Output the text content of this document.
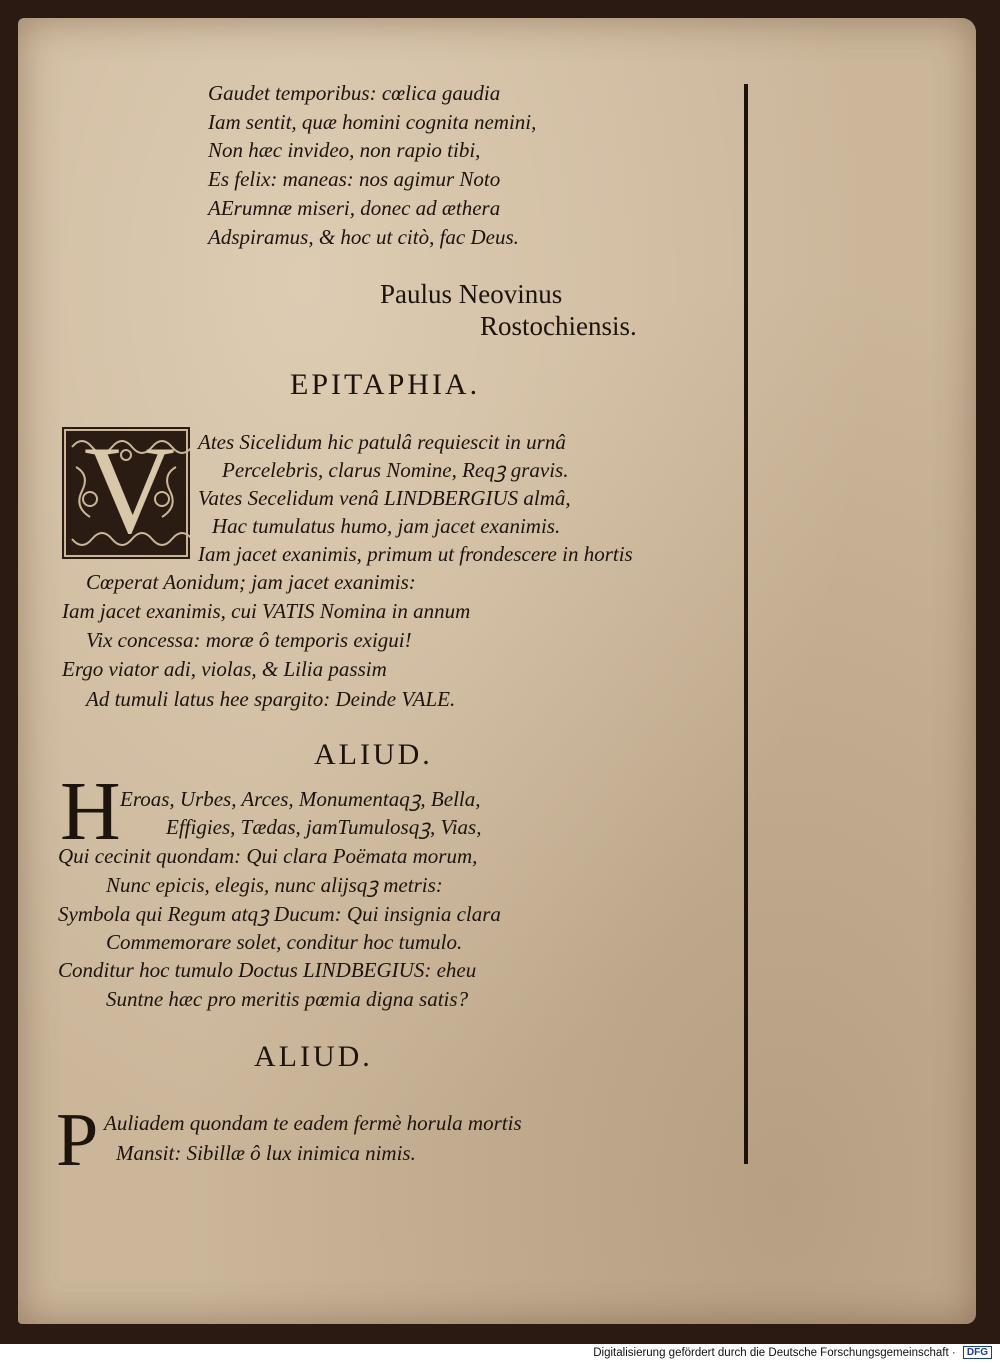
Gaudet temporibus: cœlica gaudia
Iam sentit, quæ homini cognita nemini,
Non hæc invideo, non rapio tibi,
Es felix: maneas: nos agimur Noto
AErumnæ miseri, donec ad æthera
Adspiramus, & hoc ut citò, fac Deus.
Paulus Neovinus
Rostochiensis.
EPITAPHIA.
V Ates Sicelidum hic patulâ requiescit in urnâ
Percelebris, clarus Nomine, Reqꝫ gravis.
Vates Secelidum venâ LINDBERGIUS almâ,
Hac tumulatus humo, jam jacet exanimis.
Iam jacet exanimis, primum ut frondescere in hortis
Cœperat Aonidum; jam jacet exanimis:
Iam jacet exanimis, cui VATIS Nomina in annum
Vix concessa: moræ ô temporis exigui!
Ergo viator adi, violas, & Lilia passim
Ad tumuli latus hee spargito: Deinde VALE.
ALIUD.
H Eroas, Urbes, Arces, Monumentaqꝫ, Bella,
Effigies, Tædas, jamTumulosqꝫ, Vias,
Qui cecinit quondam: Qui clara Poëmata morum,
Nunc epicis, elegis, nunc alijsqꝫ metris:
Symbola qui Regum atqꝫ Ducum: Qui insignia clara
Commemorare solet, conditur hoc tumulo.
Conditur hoc tumulo Doctus LINDBEGIUS: eheu
Suntne hæc pro meritis pœmia digna satis?
ALIUD.
P Auliadem quondam te eadem fermè horula mortis
Mansit: Sibillæ ô lux inimica nimis.
Digitalisierung gefördert durch die Deutsche Forschungsgemeinschaft · DFG
